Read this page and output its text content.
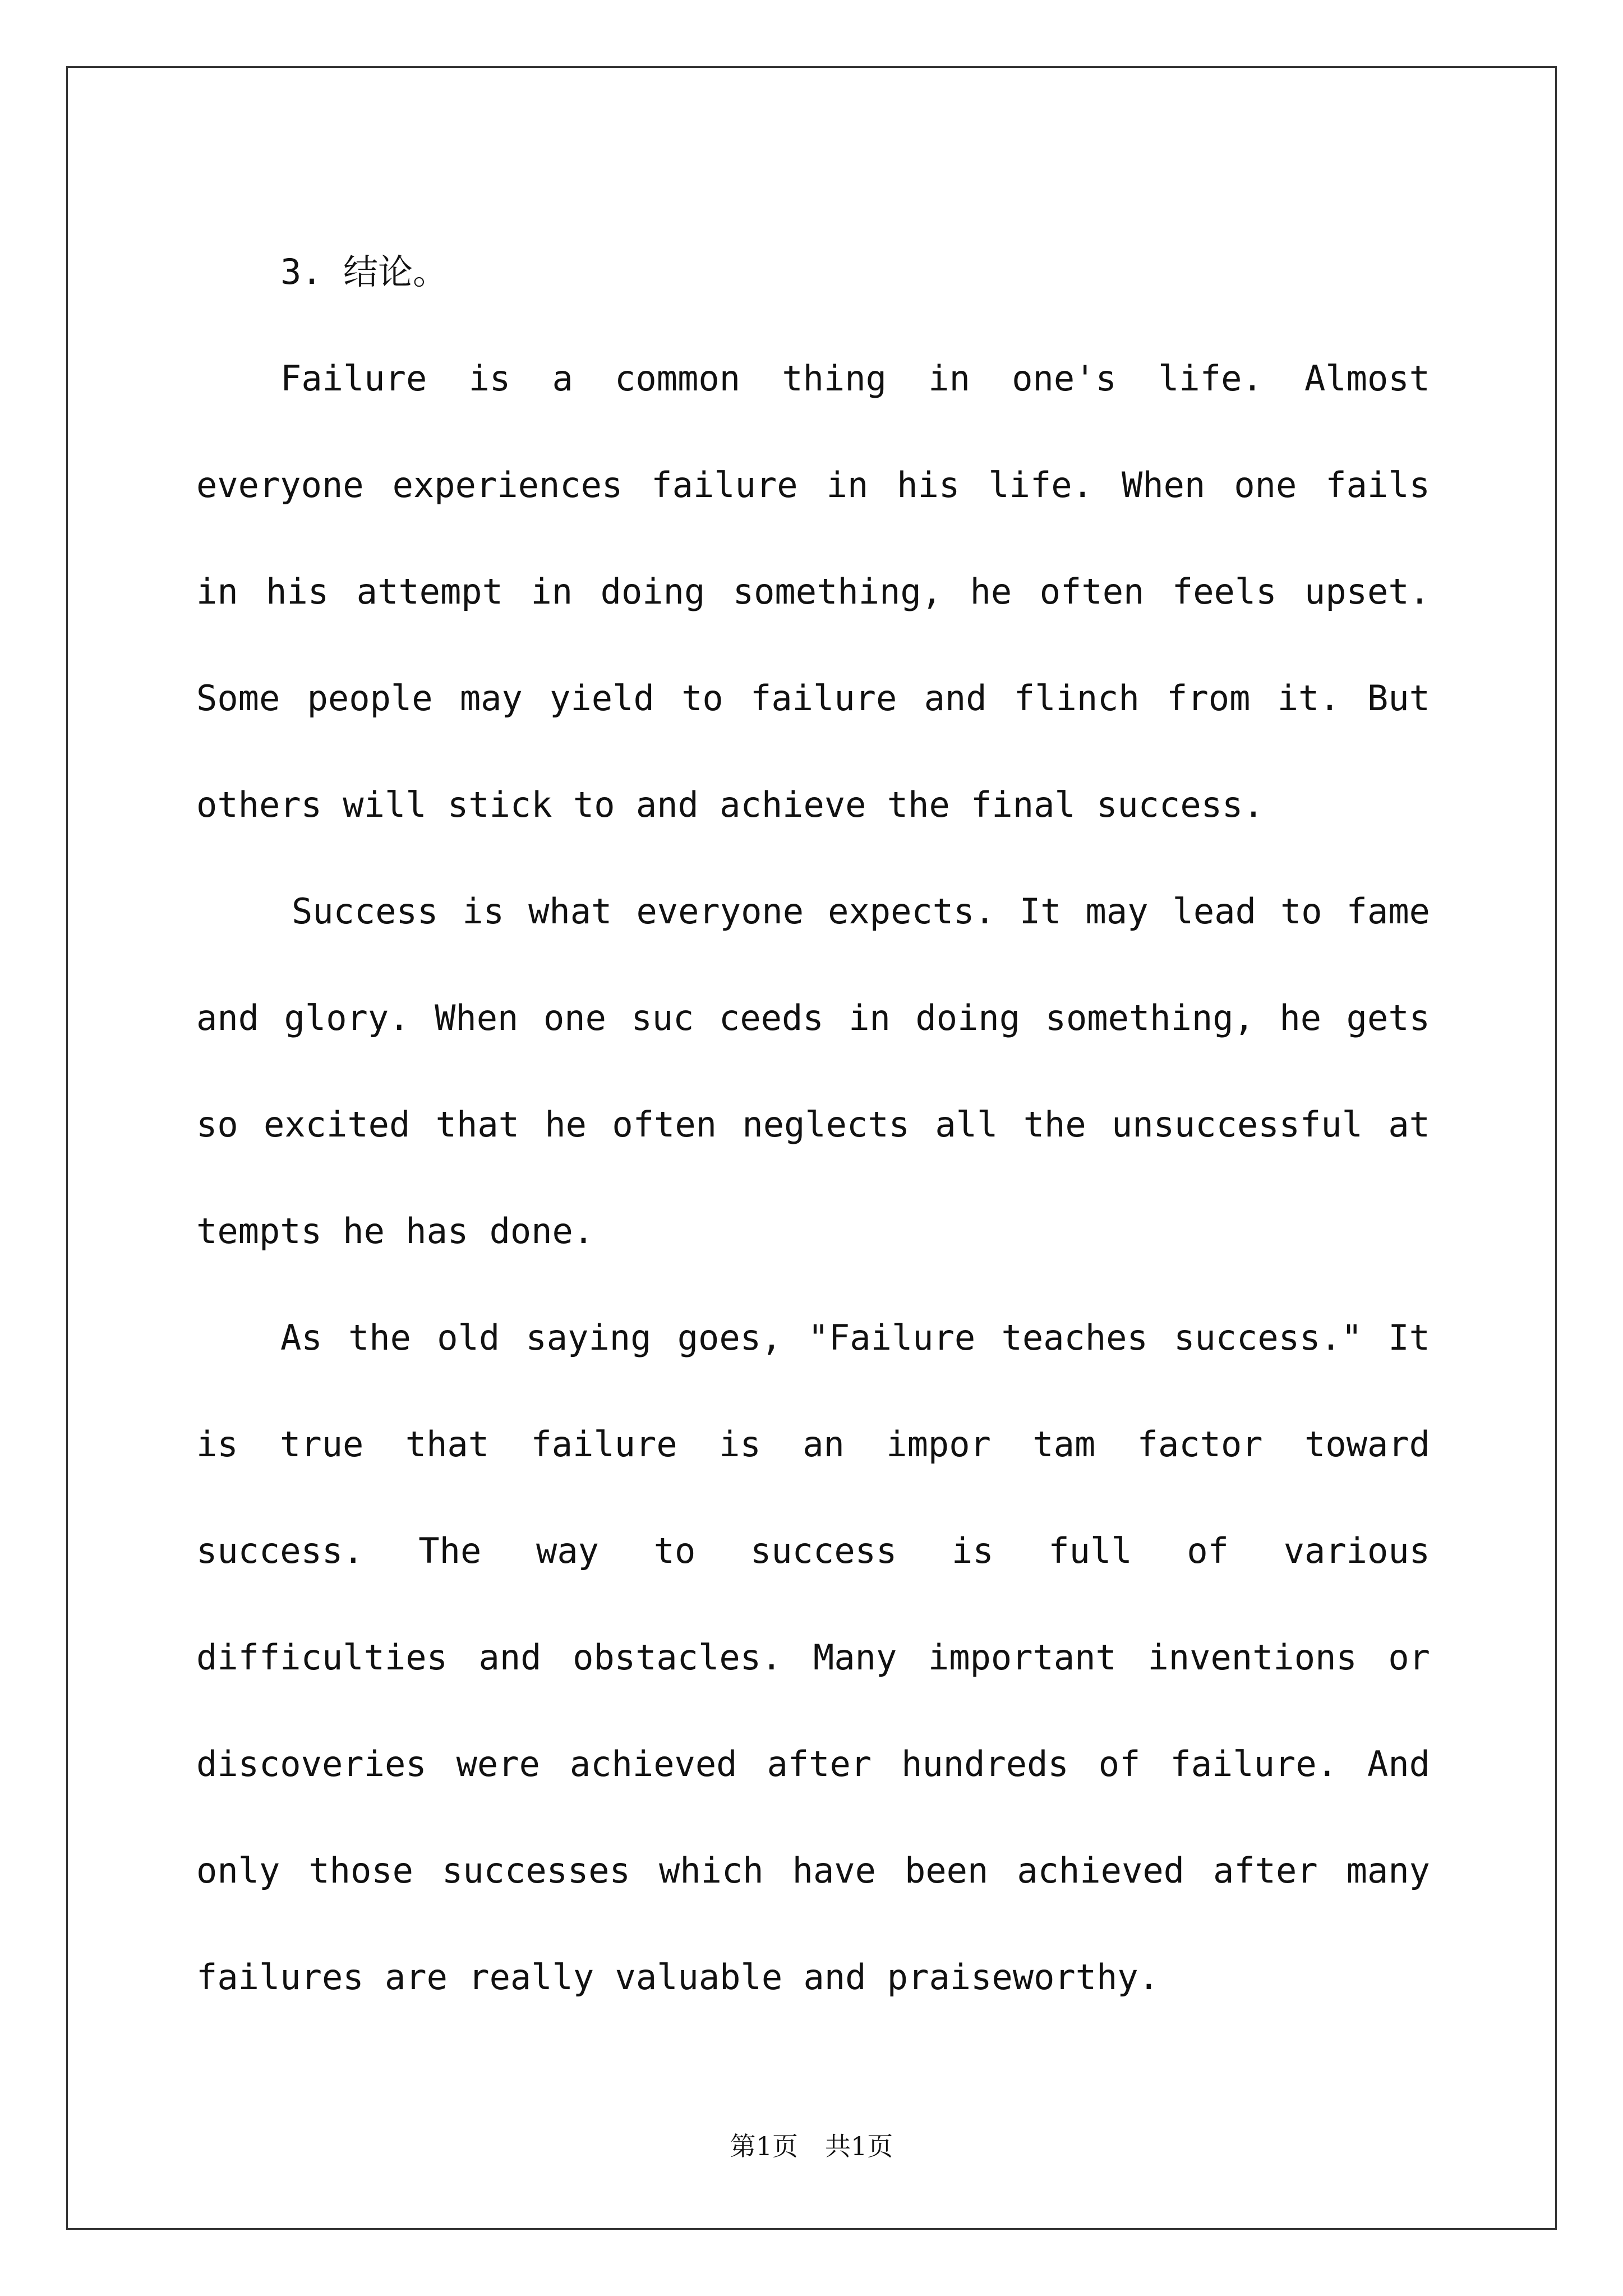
3. 结论。

Failure is a common thing in one's life. Almost everyone experiences failure in his life. When one fails in his attempt in doing something, he often feels upset. Some people may yield to failure and flinch from it. But others will stick to and achieve the final success.

Success is what everyone expects. It may lead to fame and glory. When one suc ceeds in doing something, he gets so excited that he often neglects all the unsuccessful at tempts he has done.

As the old saying goes, "Failure teaches success." It is true that failure is an impor tam factor toward success. The way to success is full of various difficulties and obstacles. Many important inventions or discoveries were achieved after hundreds of failure. And only those successes which have been achieved after many failures are really valuable and praiseworthy.

第1页 共1页
